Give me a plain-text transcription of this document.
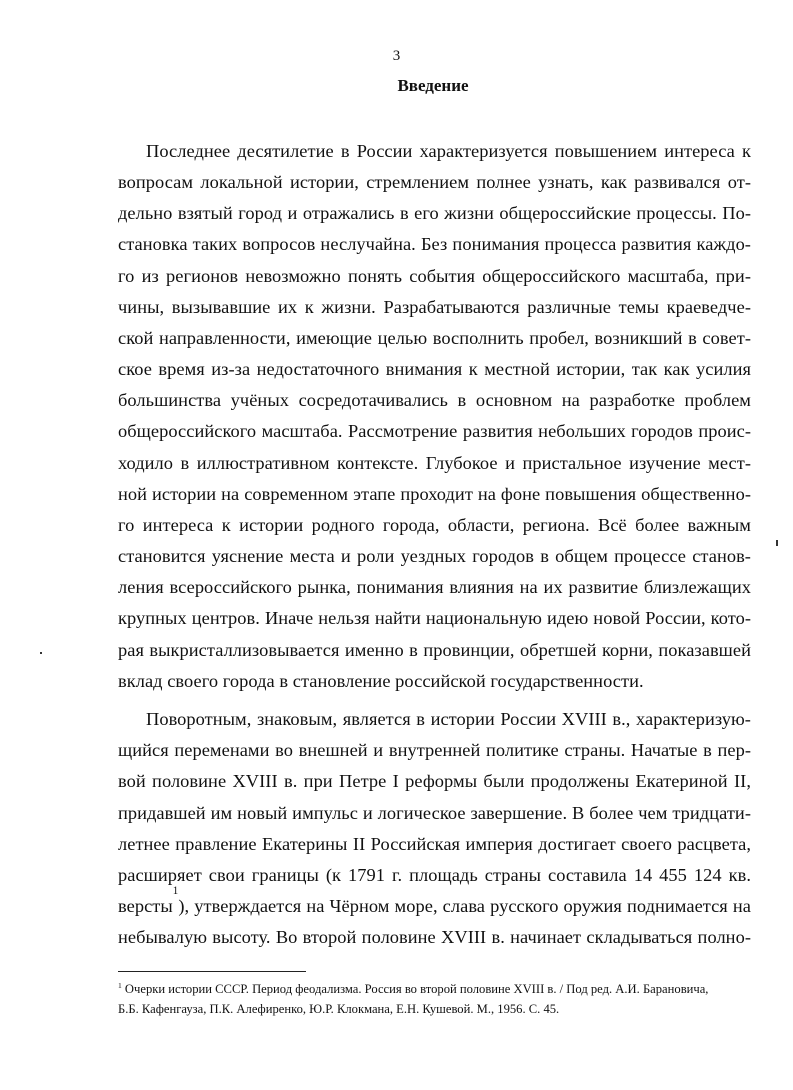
3
Введение
Последнее десятилетие в России характеризуется повышением интереса к
вопросам локальной истории, стремлением полнее узнать, как развивался от-
дельно взятый город и отражались в его жизни общероссийские процессы. По-
становка таких вопросов неслучайна. Без понимания процесса развития каждо-
го из регионов невозможно понять события общероссийского масштаба, при-
чины, вызывавшие их к жизни. Разрабатываются различные темы краеведче-
ской направленности, имеющие целью восполнить пробел, возникший в совет-
ское время из-за недостаточного внимания к местной истории, так как усилия
большинства учёных сосредотачивались в основном на разработке проблем
общероссийского масштаба. Рассмотрение развития небольших городов проис-
ходило в иллюстративном контексте. Глубокое и пристальное изучение мест-
ной истории на современном этапе проходит на фоне повышения общественно-
го интереса к истории родного города, области, региона. Всё более важным
становится уяснение места и роли уездных городов в общем процессе станов-
ления всероссийского рынка, понимания влияния на их развитие близлежащих
крупных центров. Иначе нельзя найти национальную идею новой России, кото-
рая выкристаллизовывается именно в провинции, обретшей корни, показавшей
вклад своего города в становление российской государственности.
Поворотным, знаковым, является в истории России XVIII в., характеризую-
щийся переменами во внешней и внутренней политике страны. Начатые в пер-
вой половине XVIII в. при Петре I реформы были продолжены Екатериной II,
придавшей им новый импульс и логическое завершение. В более чем тридцати-
летнее правление Екатерины II Российская империя достигает своего расцвета,
расширяет свои границы (к 1791 г. площадь страны составила 14 455 124 кв.
версты
1
), утверждается на Чёрном море, слава русского оружия поднимается на
небывалую высоту. Во второй половине XVIII в. начинает складываться полно-
$^1$ Очерки истории СССР. Период феодализма. Россия во второй половине XVIII в. / Под ред. А.И. Барановича,
Б.Б. Кафенгауза, П.К. Алефиренко, Ю.Р. Клокмана, Е.Н. Кушевой. М., 1956. С. 45.
